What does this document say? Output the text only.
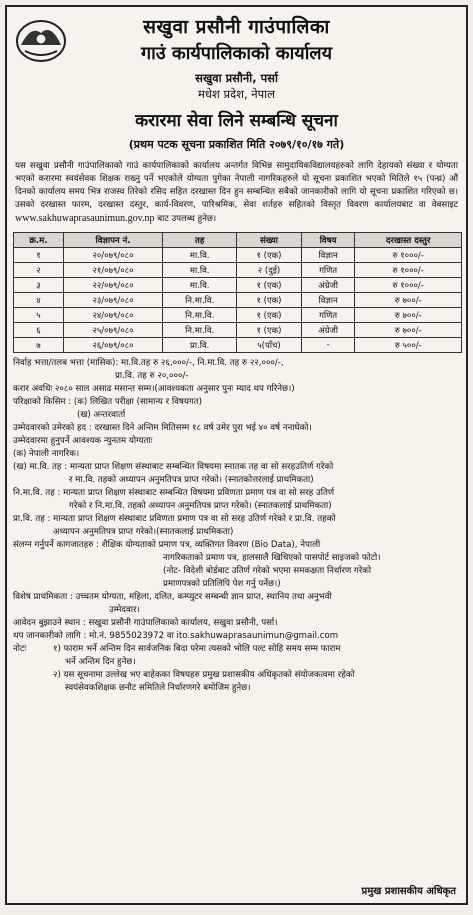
सखुवा प्रसौनी गाउंपालिका
गाउं कार्यपालिकाको कार्यालय
सखुवा प्रसौनी, पर्सा
मधेश प्रदेश, नेपाल
करारमा सेवा लिने सम्बन्धि सूचना
(प्रथम पटक सूचना प्रकाशित मिति २०७९/१०/१७ गते)
यस सखुवा प्रसौनी गाउंपालिकाको गाउं कार्यपालिकाको कार्यालय अन्तर्गत विभिन्न सामुदायिकविद्यालयहरुको लागि देहायको संख्या र योग्यता भएको करारमा स्वयंसेवक शिक्षक राख्नु पर्ने भएकोले योग्यता पुगेका नेपाली नागरिकहरुले यो सूचना प्रकाशित भएको मितिले १५ (पन्ध्र) औं दिनको कार्यालय समय भित्र राजस्व तिरेको रसिद सहित दरखास्त दिन हुन सम्बन्धित सबैको जानकारीको लागि यो सूचना प्रकाशित गरिएको छ। उसको दरखास्त फारम, दरखास्त दस्तुर, कार्य-विवरण, पारिश्रमिक, सेवा शर्तहरु सहितको विस्तृत विवरण कार्यालयबाट वा वेबसाइट www.sakhuwaprasaunimun.gov.np बाट उपलब्ध हुनेछ।
क्र.म.	विज्ञापन नं.	तह	संख्या	विषय	दरखास्त दस्तुर
१	२०/०७९/०८०	मा.वि.	१ (एक)	विज्ञान	रु १०००/-
२	२१/०७९/०८०	मा.वि.	२ (दुई)	गणित	रु १०००/-
३	२२/०७९/०८०	मा.वि.	१ (एक)	अंग्रेजी	रु १०००/-
४	२३/०७९/०८०	नि.मा.वि.	१ (एक)	विज्ञान	रु ७००/-
५	२४/०७९/०८०	नि.मा.वि.	१ (एक)	गणित	रु ७००/-
६	२५/०७९/०८०	नि.मा.वि.	१ (एक)	अंग्रेजी	रु ७००/-
७	२६/०७९/०८०	प्रा.वि.	५(पाँच)	-	रु ५००/-
निर्वाह भत्ता/तलब भत्ता (मासिक): मा.वि.तह रु २६,०००/-, नि.मा.वि. तह रु २२,०००/-,
प्रा.वि. तह रु २०,०००/-
करार अवधिः २०८० साल असाढ मसान्त सम्म।(आवश्यकता अनुसार पुनः म्याद थप गरिनेछ।)
परिक्षाको किसिम : (क) लिखित परीक्षा (सामान्य र विषयगत)
(ख) अन्तरवार्ता
उम्मेदवारको उमेरको हद : दरखास्त दिने अन्तिम मितिसम्म १८ वर्ष उमेर पुरा भई ४० वर्ष ननाघेको।
उम्मेदवारमा हुनुपर्ने आवश्यक न्युनतम योग्यताः
(क) नेपाली नागरिक।
(ख) मा.वि. तह : मान्यता प्राप्त शिक्षण संस्थाबाट सम्बन्धित विषयमा स्नातक तह वा सो सरहउतिर्ण गरेको
र मा.वि. तहको अध्यापन अनुमतिपत्र प्राप्त गरेको। (स्नातकोत्तरलाई प्राथमिकता)
नि.मा.वि. तह : मान्यता प्राप्त शिक्षण संस्थाबाट सम्बन्धित विषयमा प्रविणता प्रमाण पत्र वा सो सरह उतिर्ण
गरेको र नि.मा.वि. तहको अध्यापन अनुमतिपत्र प्राप्त गरेको। (स्नातकलाई प्राथमिकता)
प्रा.वि. तह : मान्यता प्राप्त शिक्षण संस्थाबाट प्रविणता प्रमाण पत्र वा सो सरह उतिर्ण गरेको र प्रा.वि. तहको
अध्यापन अनुमतिपत्र प्राप्त गरेको।(स्नातकलाई प्राथमिकता)
संलग्न गर्नुपर्ने कागजातहरु : शैक्षिक योग्यताको प्रमाण पत्र, व्यक्तिगत विवरण (Bio Data), नेपाली
नागरिकताको प्रमाण पत्र, हालसालै खिचिएको पासपोर्ट साइजको फोटो।
(नोट- विदेशी बोर्डबाट उतिर्ण गरेको भएमा समकक्षता निर्धारण गरेको
प्रमाणपत्रको प्रतिलिपि पेश गर्नु पर्नेछ।)
विशेष प्राथमिकता : उच्चतम योग्यता, महिला, दलित, कम्प्युटर सम्बन्धी ज्ञान प्राप्त, स्थानिय तथा अनुभवी
उम्मेदवार।
आवेदन बुझाउने स्थान : सखुवा प्रसौनी गाउंपालिकाको कार्यालय, सखुवा प्रसौनी, पर्सा।
थप जानकारीको लागि : मो.नं. 9855023972 वा ito.sakhuwaprasaunimun@gmail.com
नोटः	१) फाराम भर्ने अन्तिम दिन सार्वजनिक बिदा परेमा त्यसको भोलि पल्ट सोहि समय सम्म फाराम
भर्ने अन्तिम दिन हुनेछ।
२) यस सूचनामा उल्लेख भए बाहेकका विषयहरु प्रमुख प्रशासकीय अधिकृतको संयोजकत्वमा रहेको
स्वयंसेवकशिक्षक छनौट समितिले निर्धारणगरे बमोजिम हुनेछ।
प्रमुख प्रशासकीय अधिकृत
